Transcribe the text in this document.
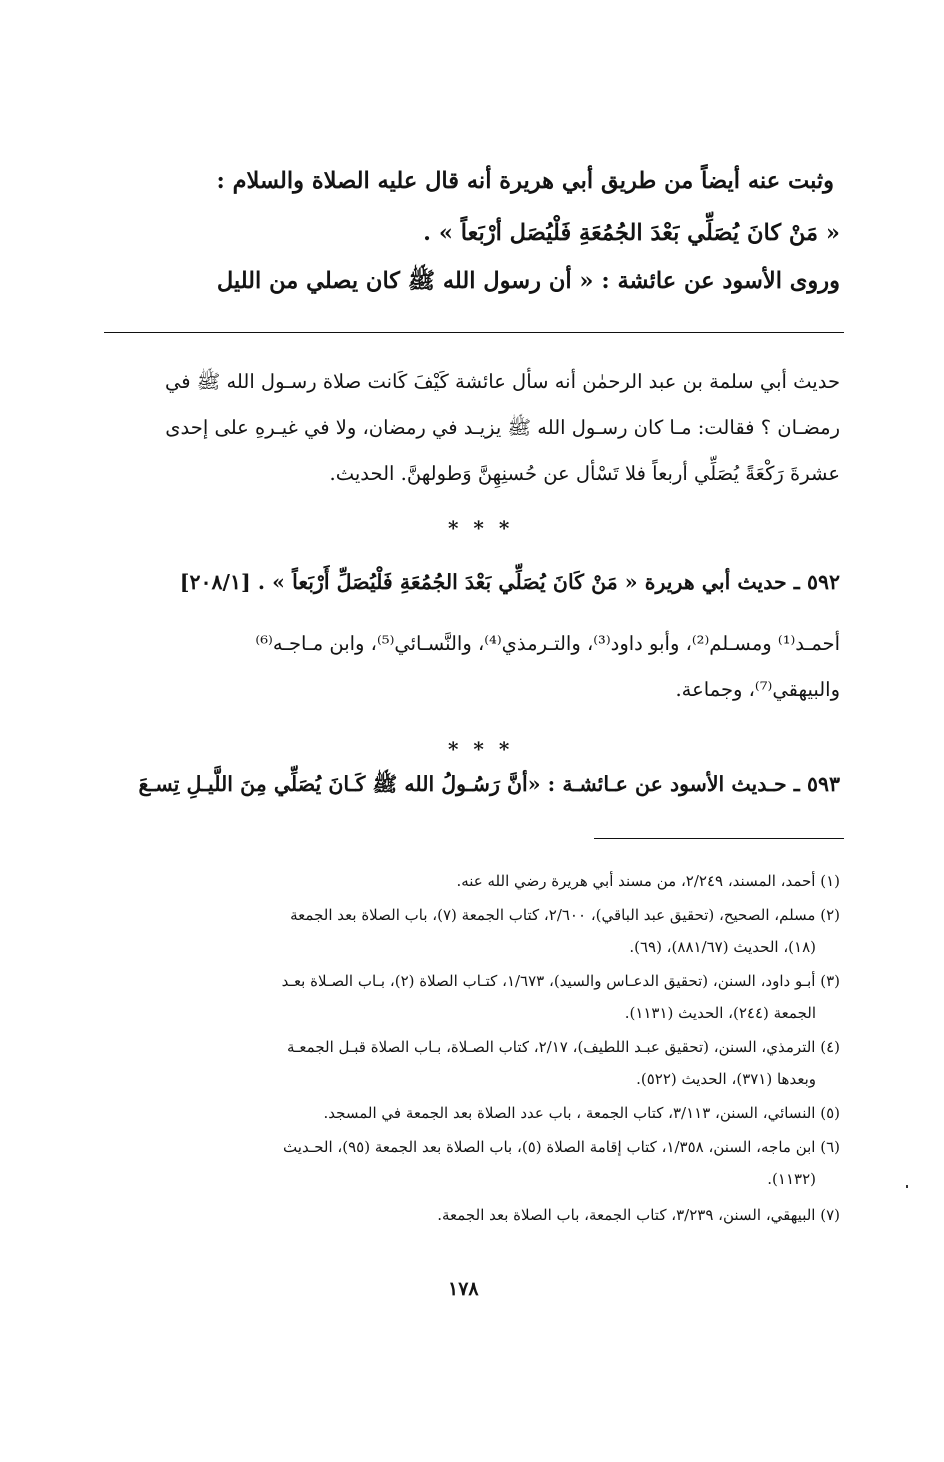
وثبت عنه أيضاً من طريق أبي هريرة أنه قال عليه الصلاة والسلام :
« مَنْ كانَ يُصَلِّي بَعْدَ الجُمُعَةِ فَلْيُصَل أرْبَعاً » .
وروى الأسود عن عائشة : « أن رسول الله ﷺ كان يصلي من الليل
حديث أبي سلمة بن عبد الرحمٰن أنه سأل عائشة كَيْفَ كَانت صلاة رسـول الله ﷺ في
رمضـان ؟ فقالت: مـا كان رسـول الله ﷺ يزيـد في رمضان، ولا في غيـرهِ على إحدى
عشرةَ رَكْعَةً يُصَلِّي أربعاً فلا تَسْأل عن حُسنِهِنَّ وَطولهنَّ. الحديث.
* * *
٥٩٢ ـ حديث أبي هريرة « مَنْ كَانَ يُصَلِّي بَعْدَ الجُمُعَةِ فَلْيُصَلِّ أَرْبَعاً » . [٢٠٨/١]
أحمـد⁽¹⁾ ومسـلم⁽²⁾، وأبو داود⁽³⁾، والتـرمذي⁽⁴⁾، والنَّسـائي⁽⁵⁾، وابن مـاجـه⁽⁶⁾
والبيهقي⁽⁷⁾، وجماعة.
* * *
٥٩٣ ـ حـديث الأسود عن عـائشـة : «أنَّ رَسُـولُ الله ﷺ كَـانَ يُصَلِّي مِنَ اللَّيـلِ تِسـعَ
(١) أحمد، المسند، ٢/٢٤٩، من مسند أبي هريرة رضي الله عنه.
(٢) مسلم، الصحيح، (تحقيق عبد الباقي)، ٢/٦٠٠، كتاب الجمعة (٧)، باب الصلاة بعد الجمعة
(١٨)، الحديث (٨٨١/٦٧)، (٦٩).
(٣) أبـو داود، السنن، (تحقيق الدعـاس والسيد)، ١/٦٧٣، كتـاب الصلاة (٢)، بـاب الصـلاة بعـد
الجمعة (٢٤٤)، الحديث (١١٣١).
(٤) الترمذي، السنن، (تحقيق عبـد اللطيف)، ٢/١٧، كتاب الصـلاة، بـاب الصلاة قبـل الجمعـة
وبعدها (٣٧١)، الحديث (٥٢٢).
(٥) النسائي، السنن، ٣/١١٣، كتاب الجمعة ، باب عدد الصلاة بعد الجمعة في المسجد.
(٦) ابن ماجه، السنن، ١/٣٥٨، كتاب إقامة الصلاة (٥)، باب الصلاة بعد الجمعة (٩٥)، الحـديث
(١١٣٢).
(٧) البيهقي، السنن، ٣/٢٣٩، كتاب الجمعة، باب الصلاة بعد الجمعة.
١٧٨
